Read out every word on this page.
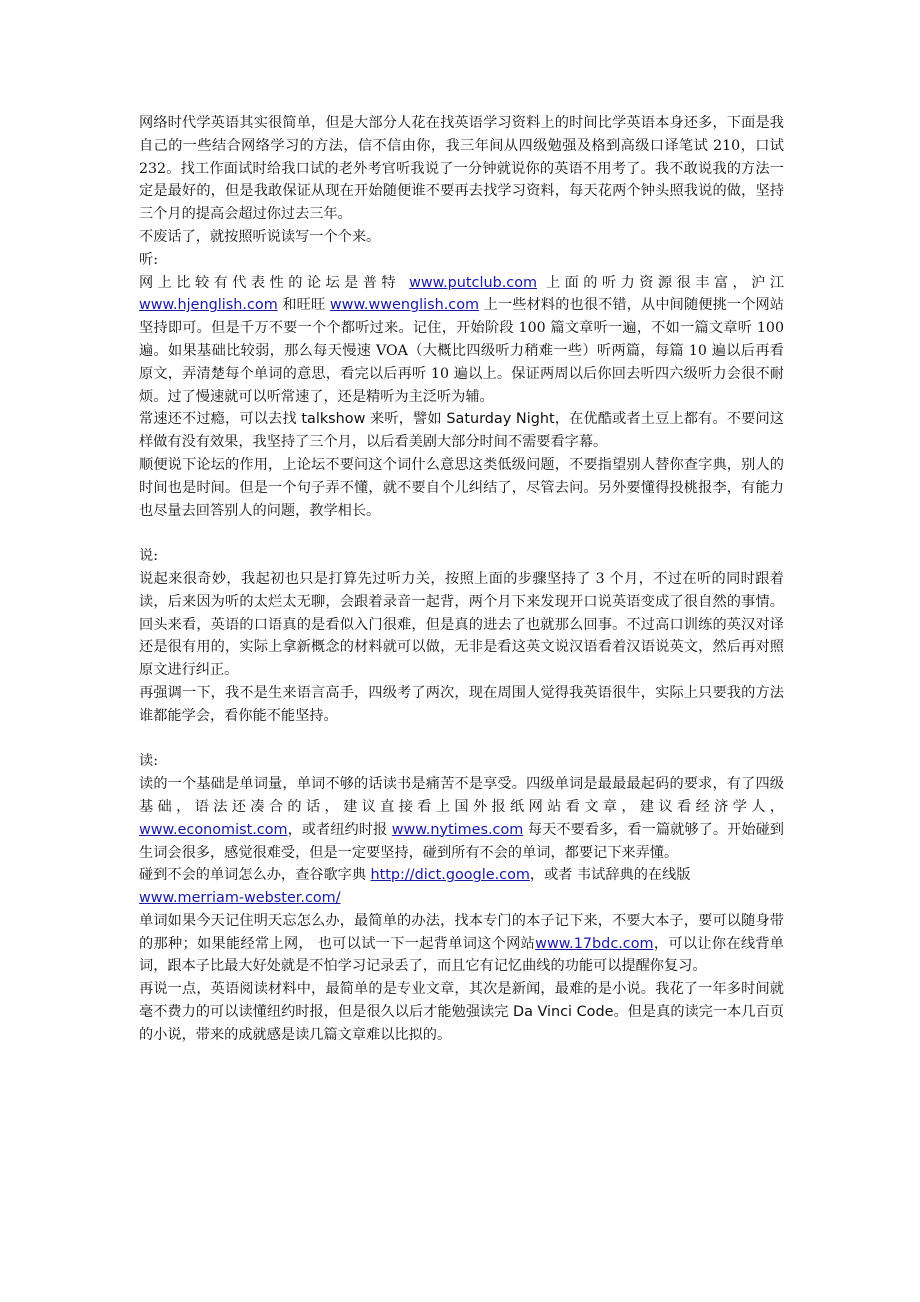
网络时代学英语其实很简单，但是大部分人花在找英语学习资料上的时间比学英语本身还多，下面是我自己的一些结合网络学习的方法，信不信由你，我三年间从四级勉强及格到高级口译笔试 210，口试 232。找工作面试时给我口试的老外考官听我说了一分钟就说你的英语不用考了。我不敢说我的方法一定是最好的，但是我敢保证从现在开始随便谁不要再去找学习资料，每天花两个钟头照我说的做，坚持三个月的提高会超过你过去三年。

不废话了，就按照听说读写一个个来。

听:

网上比较有代表性的论坛是普特 www.putclub.com 上面的听力资源很丰富，沪江www.hjenglish.com 和旺旺 www.wwenglish.com 上一些材料的也很不错，从中间随便挑一个网站坚持即可。但是千万不要一个个都听过来。记住，开始阶段 100 篇文章听一遍，不如一篇文章听 100 遍。如果基础比较弱，那么每天慢速 VOA（大概比四级听力稍难一些）听两篇，每篇 10 遍以后再看原文，弄清楚每个单词的意思，看完以后再听 10 遍以上。保证两周以后你回去听四六级听力会很不耐烦。过了慢速就可以听常速了，还是精听为主泛听为辅。

常速还不过瘾，可以去找 talkshow 来听，譬如 Saturday Night，在优酷或者土豆上都有。不要问这样做有没有效果，我坚持了三个月，以后看美剧大部分时间不需要看字幕。

顺便说下论坛的作用，上论坛不要问这个词什么意思这类低级问题，不要指望别人替你查字典，别人的时间也是时间。但是一个句子弄不懂，就不要自个儿纠结了，尽管去问。另外要懂得投桃报李，有能力也尽量去回答别人的问题，教学相长。

说:

说起来很奇妙，我起初也只是打算先过听力关，按照上面的步骤坚持了 3 个月，不过在听的同时跟着读，后来因为听的太烂太无聊，会跟着录音一起背，两个月下来发现开口说英语变成了很自然的事情。回头来看，英语的口语真的是看似入门很难，但是真的进去了也就那么回事。不过高口训练的英汉对译还是很有用的，实际上拿新概念的材料就可以做，无非是看这英文说汉语看着汉语说英文，然后再对照原文进行纠正。

再强调一下，我不是生来语言高手，四级考了两次，现在周围人觉得我英语很牛，实际上只要我的方法谁都能学会，看你能不能坚持。

读:

读的一个基础是单词量，单词不够的话读书是痛苦不是享受。四级单词是最最最起码的要求，有了四级基础，语法还凑合的话，建议直接看上国外报纸网站看文章，建议看经济学人，www.economist.com，或者纽约时报 www.nytimes.com 每天不要看多，看一篇就够了。开始碰到生词会很多，感觉很难受，但是一定要坚持，碰到所有不会的单词，都要记下来弄懂。

碰到不会的单词怎么办，查谷歌字典 http://dict.google.com，或者 韦试辞典的在线版
www.merriam-webster.com/

单词如果今天记住明天忘怎么办，最简单的办法，找本专门的本子记下来，不要大本子，要可以随身带的那种；如果能经常上网， 也可以试一下一起背单词这个网站www.17bdc.com，可以让你在线背单词，跟本子比最大好处就是不怕学习记录丢了，而且它有记忆曲线的功能可以提醒你复习。

再说一点，英语阅读材料中，最简单的是专业文章，其次是新闻，最难的是小说。我花了一年多时间就毫不费力的可以读懂纽约时报，但是很久以后才能勉强读完 Da Vinci Code。但是真的读完一本几百页的小说，带来的成就感是读几篇文章难以比拟的。
